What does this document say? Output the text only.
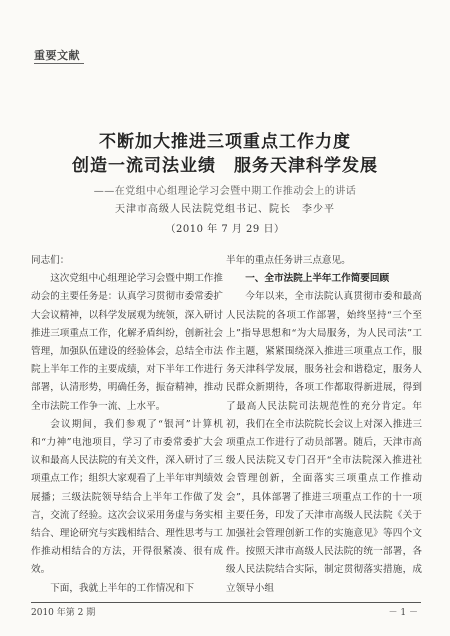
重要文献
不断加大推进三项重点工作力度
创造一流司法业绩　服务天津科学发展
——在党组中心组理论学习会暨中期工作推动会上的讲话
天津市高级人民法院党组书记、院长　李少平
（2010 年 7 月 29 日）

同志们：

这次党组中心组理论学习会暨中期工作推动会的主要任务是：认真学习贯彻市委常委扩大会议精神，以科学发展观为统领，深入研讨推进三项重点工作，化解矛盾纠纷，创新社会管理，加强队伍建设的经验体会，总结全市法院上半年工作的主要成绩，对下半年工作进行部署，认清形势，明确任务，振奋精神，推动全市法院工作争一流、上水平。

会议期间，我们参观了“银河”计算机和“力神”电池项目，学习了市委常委扩大会议和最高人民法院的有关文件，深入研讨了三项重点工作；组织大家观看了上半年审判绩效展播；三级法院领导结合上半年工作做了发言，交流了经验。这次会议采用务虚与务实相结合、理论研究与实践相结合、理性思考与工作推动相结合的方法，开得很紧凑、很有成效。

下面，我就上半年的工作情况和下

半年的重点任务讲三点意见。

一、全市法院上半年工作简要回顾

今年以来，全市法院认真贯彻市委和最高人民法院的各项工作部署，始终坚持“三个至上”指导思想和“为大局服务，为人民司法”工作主题，紧紧围绕深入推进三项重点工作，服务天津科学发展，服务社会和谐稳定，服务人民群众新期待，各项工作都取得新进展，得到了最高人民法院司法规范性的充分肯定。年初，我们在全市法院院长会议上对深入推进三项重点工作进行了动员部署。随后，天津市高级人民法院又专门召开“全市法院深入推进社会管理创新，全面落实三项重点工作推动会”，具体部署了推进三项重点工作的十一项主要任务，印发了天津市高级人民法院《关于加强社会管理创新工作的实施意见》等四个文件。按照天津市高级人民法院的统一部署，各级人民法院结合实际，制定贯彻落实措施，成立领导小组

2010 年第 2 期	－ 1 －
